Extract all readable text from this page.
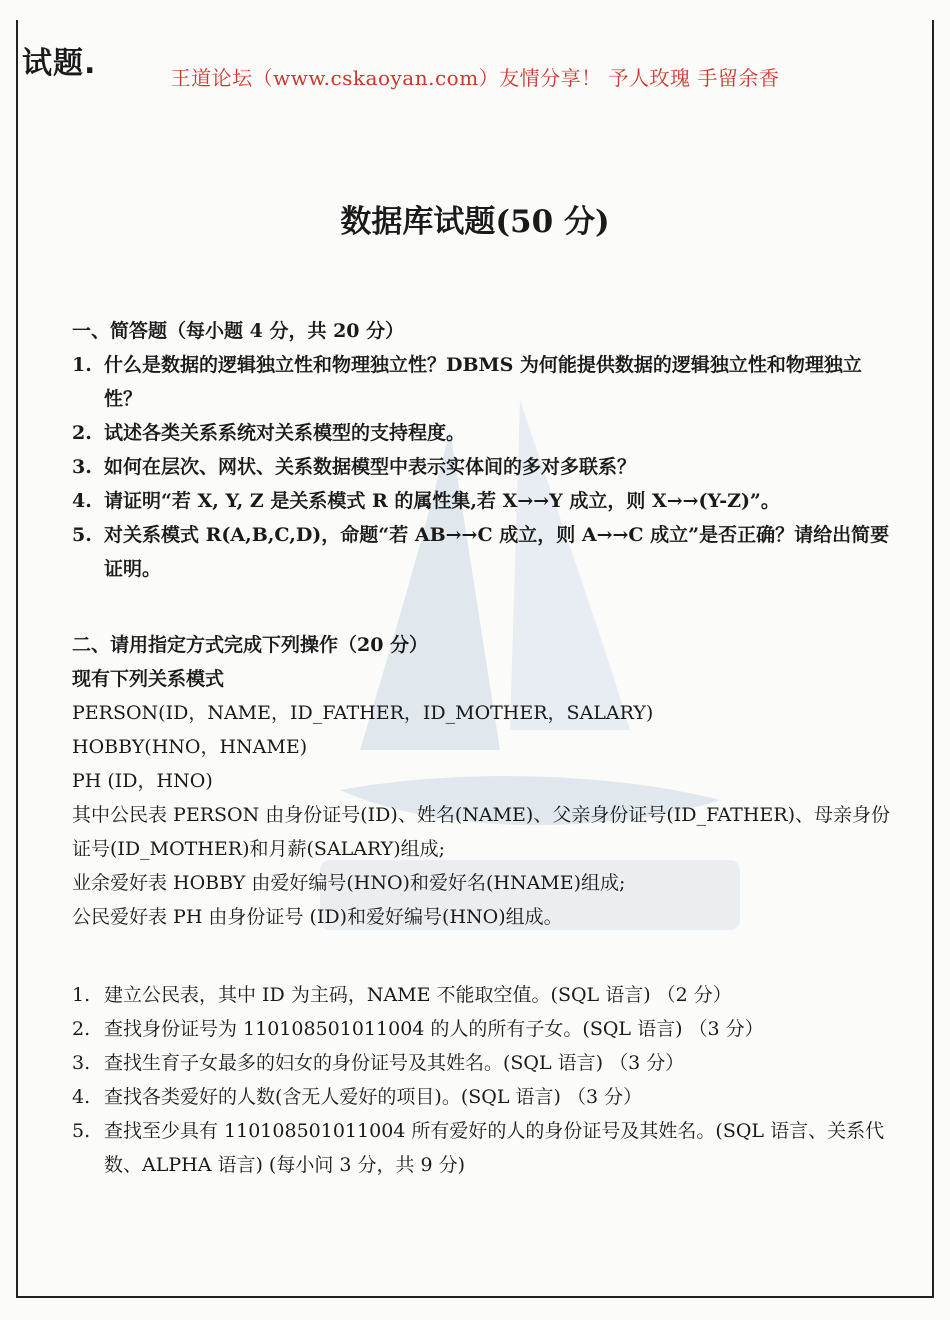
试题.	王道论坛（www.cskaoyan.com）友情分享！ 予人玫瑰 手留余香
数据库试题(50 分)
一、简答题（每小题 4 分，共 20 分）
1. 什么是数据的逻辑独立性和物理独立性？DBMS 为何能提供数据的逻辑独立性和物理独立性？
2. 试述各类关系系统对关系模型的支持程度。
3. 如何在层次、网状、关系数据模型中表示实体间的多对多联系？
4. 请证明“若 X, Y, Z 是关系模式 R 的属性集,若 X→→Y 成立，则 X→→(Y-Z)”。
5. 对关系模式 R(A,B,C,D)，命题“若 AB→→C 成立，则 A→→C 成立”是否正确？请给出简要证明。
二、请用指定方式完成下列操作（20 分）
现有下列关系模式
PERSON(ID，NAME，ID_FATHER，ID_MOTHER，SALARY)
HOBBY(HNO，HNAME)
PH (ID，HNO)
其中公民表 PERSON 由身份证号(ID)、姓名(NAME)、父亲身份证号(ID_FATHER)、母亲身份证号(ID_MOTHER)和月薪(SALARY)组成;
业余爱好表 HOBBY 由爱好编号(HNO)和爱好名(HNAME)组成;
公民爱好表 PH 由身份证号 (ID)和爱好编号(HNO)组成。
1. 建立公民表，其中 ID 为主码，NAME 不能取空值。(SQL 语言) （2 分）
2. 查找身份证号为 110108501011004 的人的所有子女。(SQL 语言) （3 分）
3. 查找生育子女最多的妇女的身份证号及其姓名。(SQL 语言) （3 分）
4. 查找各类爱好的人数(含无人爱好的项目)。(SQL 语言) （3 分）
5. 查找至少具有 110108501011004 所有爱好的人的身份证号及其姓名。(SQL 语言、关系代数、ALPHA 语言) (每小问 3 分，共 9 分)
